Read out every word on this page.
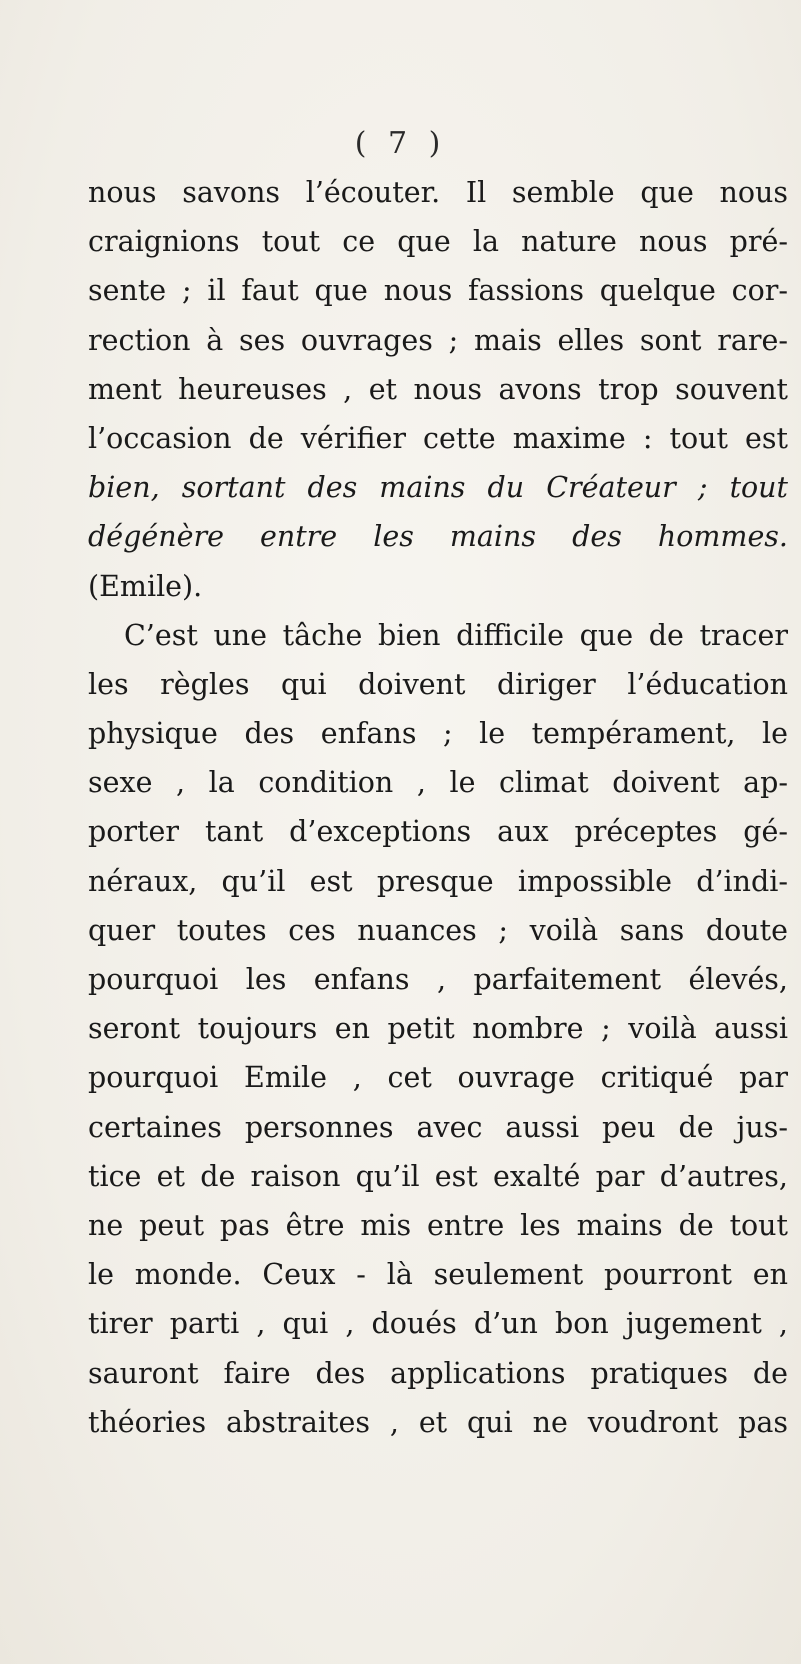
( 7 )
nous savons l’écouter. Il semble que nous
craignions tout ce que la nature nous pré-
sente ; il faut que nous fassions quelque cor-
rection à ses ouvrages ; mais elles sont rare-
ment heureuses , et nous avons trop souvent
l’occasion de vérifier cette maxime : tout est
bien, sortant des mains du Créateur ; tout
dégénère entre les mains des hommes.
(Emile).
C’est une tâche bien difficile que de tracer
les règles qui doivent diriger l’éducation
physique des enfans ; le tempérament, le
sexe , la condition , le climat doivent ap-
porter tant d’exceptions aux préceptes gé-
néraux, qu’il est presque impossible d’indi-
quer toutes ces nuances ; voilà sans doute
pourquoi les enfans , parfaitement élevés,
seront toujours en petit nombre ; voilà aussi
pourquoi Emile , cet ouvrage critiqué par
certaines personnes avec aussi peu de jus-
tice et de raison qu’il est exalté par d’autres,
ne peut pas être mis entre les mains de tout
le monde. Ceux - là seulement pourront en
tirer parti , qui , doués d’un bon jugement ,
sauront faire des applications pratiques de
théories abstraites , et qui ne voudront pas
